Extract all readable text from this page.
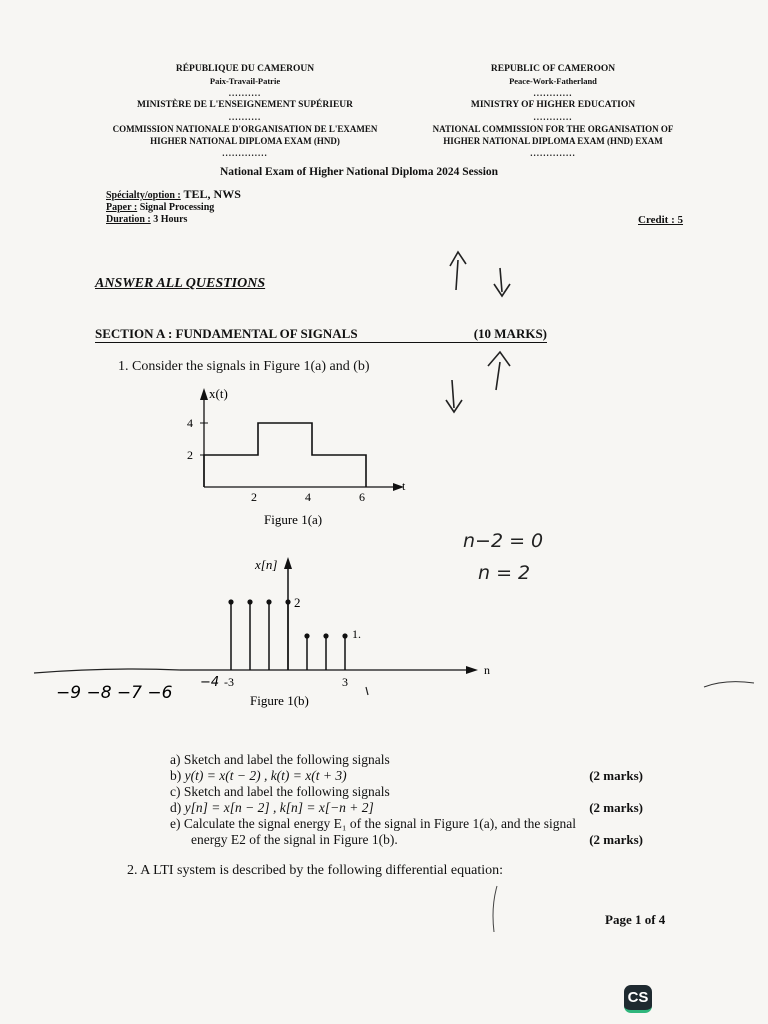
RÉPUBLIQUE DU CAMEROUN
Paix-Travail-Patrie
..........
MINISTÈRE DE L'ENSEIGNEMENT SUPÉRIEUR
..........
COMMISSION NATIONALE D'ORGANISATION DE L'EXAMEN
HIGHER NATIONAL DIPLOMA EXAM (HND)
..............
REPUBLIC OF CAMEROON
Peace-Work-Fatherland
............
MINISTRY OF HIGHER EDUCATION
............
NATIONAL COMMISSION FOR THE ORGANISATION OF
HIGHER NATIONAL DIPLOMA EXAM (HND) EXAM
..............
National Exam of Higher National Diploma 2024 Session
Spécialty/option : TEL, NWS
Paper : Signal Processing
Duration : 3 Hours	Credit : 5
ANSWER ALL QUESTIONS
SECTION A : FUNDAMENTAL OF SIGNALS	(10 MARKS)
1. Consider the signals in Figure 1(a) and (b)
4
2
2	4	6
x(t)
t
Figure 1(a)
x[n]
n
2
1.
-3	3
Figure 1(b)
−4
−9 −8 −7 −6
n−2 = 0
n = 2
a) Sketch and label the following signals
b) y(t) = x(t − 2) , k(t) = x(t + 3)	(2 marks)
c) Sketch and label the following signals
d) y[n] = x[n − 2] , k[n] = x[−n + 2]	(2 marks)
e) Calculate the signal energy E₁ of the signal in Figure 1(a), and the signal
energy E2 of the signal in Figure 1(b).	(2 marks)
2. A LTI system is described by the following differential equation:
Page 1 of 4
CS
